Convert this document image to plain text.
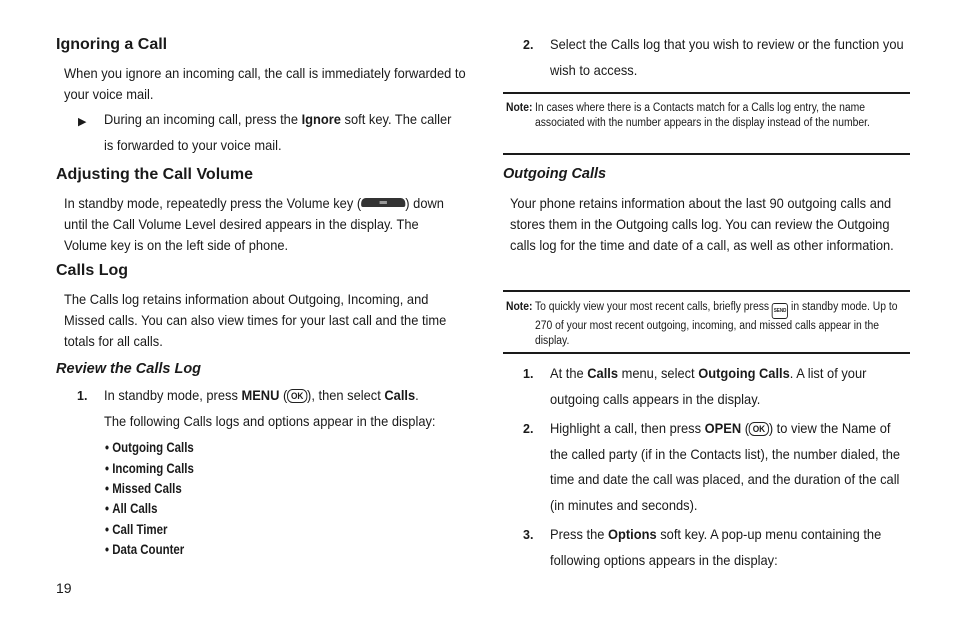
Ignoring a Call
When you ignore an incoming call, the call is immediately forwarded to your voice mail.
▶ During an incoming call, press the Ignore soft key. The caller is forwarded to your voice mail.
Adjusting the Call Volume
In standby mode, repeatedly press the Volume key (	) down until the Call Volume Level desired appears in the display. The Volume key is on the left side of phone.
Calls Log
The Calls log retains information about Outgoing, Incoming, and Missed calls. You can also view times for your last call and the time totals for all calls.
Review the Calls Log
1. In standby mode, press MENU ( OK ), then select Calls.
The following Calls logs and options appear in the display:
• Outgoing Calls
• Incoming Calls
• Missed Calls
• All Calls
• Call Timer
• Data Counter
19
2. Select the Calls log that you wish to review or the function you wish to access.
Note: In cases where there is a Contacts match for a Calls log entry, the name associated with the number appears in the display instead of the number.
Outgoing Calls
Your phone retains information about the last 90 outgoing calls and stores them in the Outgoing calls log. You can review the Outgoing calls log for the time and date of a call, as well as other information.
Note: To quickly view your most recent calls, briefly press SEND in standby mode. Up to 270 of your most recent outgoing, incoming, and missed calls appear in the display.
1. At the Calls menu, select Outgoing Calls. A list of your outgoing calls appears in the display.
2. Highlight a call, then press OPEN ( OK ) to view the Name of the called party (if in the Contacts list), the number dialed, the time and date the call was placed, and the duration of the call (in minutes and seconds).
3. Press the Options soft key. A pop-up menu containing the following options appears in the display:
